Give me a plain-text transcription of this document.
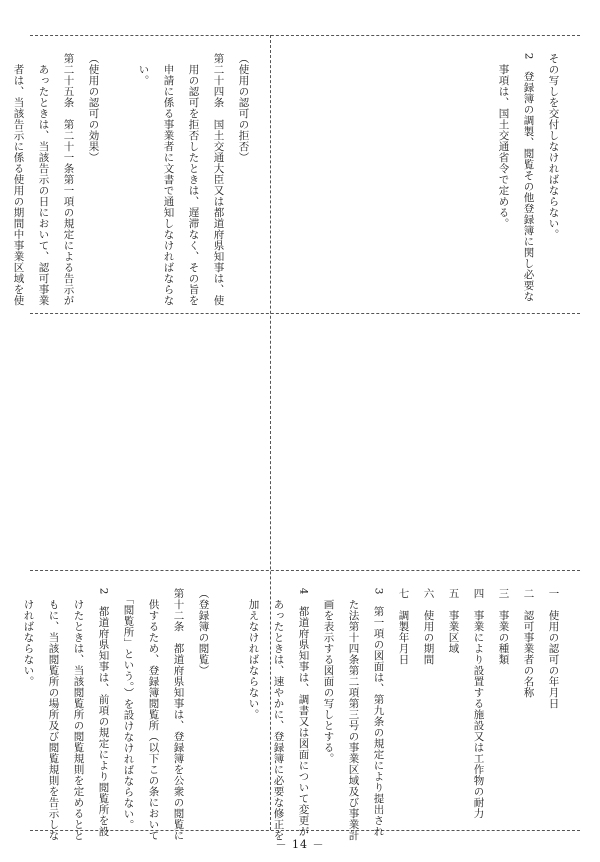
その写しを交付しなければならない。

2　登録簿の調製、閲覧その他登録簿に関し必要な

　事項は、国土交通省令で定める。

（使用の認可の拒否）

第二十四条　国土交通大臣又は都道府県知事は、使

　用の認可を拒否したときは、遅滞なく、その旨を

　申請に係る事業者に文書で通知しなければならな

　い。

（使用の認可の効果）

第二十五条　第二十一条第一項の規定による告示が

　あったときは、当該告示の日において、認可事業

　者は、当該告示に係る使用の期間中事業区域を使

一　使用の認可の年月日

二　認可事業者の名称

三　事業の種類

四　事業により設置する施設又は工作物の耐力

五　事業区域

六　使用の期間

七　調製年月日

3　第一項の図面は、第九条の規定により提出され

　た法第十四条第二項第三号の事業区域及び事業計

　画を表示する図面の写しとする。

4　都道府県知事は、調書又は図面について変更が

　あったときは、速やかに、登録簿に必要な修正を

　加えなければならない。

（登録簿の閲覧）

第十二条　都道府県知事は、登録簿を公衆の閲覧に

　供するため、登録簿閲覧所（以下この条において

　「閲覧所」という。）を設けなければならない。

2　都道府県知事は、前項の規定により閲覧所を設

　けたときは、当該閲覧所の閲覧規則を定めるとと

　もに、当該閲覧所の場所及び閲覧規則を告示しな

　ければならない。

－ 14 －
